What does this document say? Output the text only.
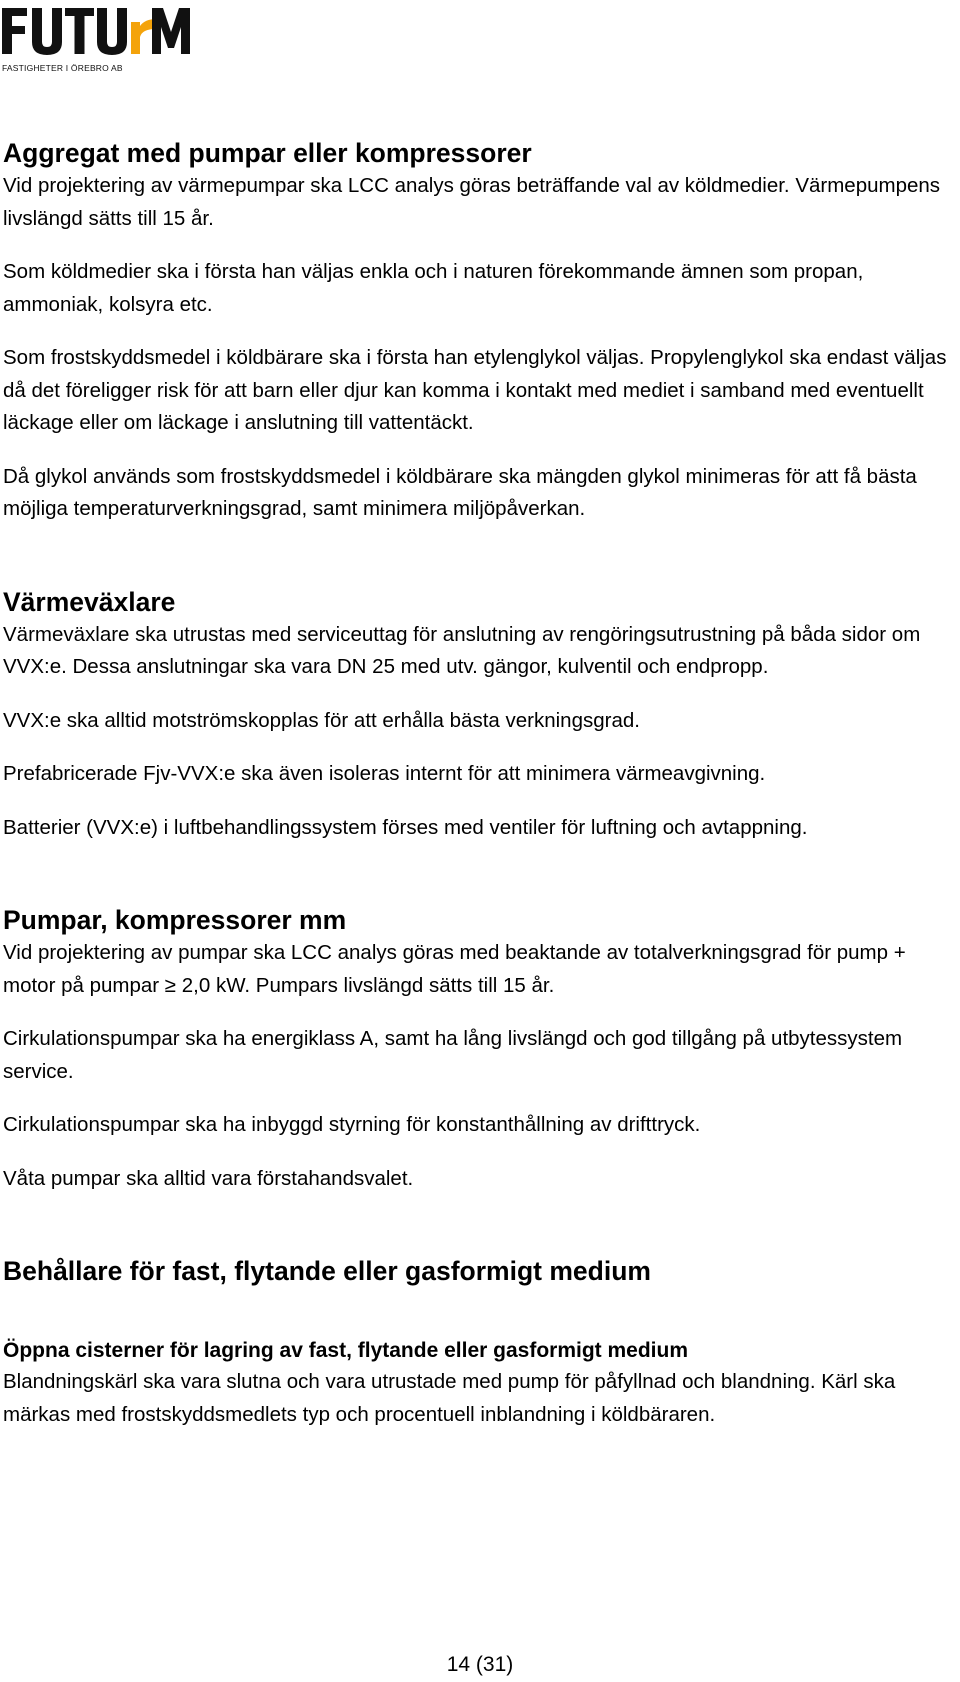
FASTIGHETER I ÖREBRO AB
Aggregat med pumpar eller kompressorer

Vid projektering av värmepumpar ska LCC analys göras beträffande val av köldmedier. Värmepumpens livslängd sätts till 15 år.

Som köldmedier ska i första han väljas enkla och i naturen förekommande ämnen som propan, ammoniak, kolsyra etc.

Som frostskyddsmedel i köldbärare ska i första han etylenglykol väljas. Propylenglykol ska endast väljas då det föreligger risk för att barn eller djur kan komma i kontakt med mediet i samband med eventuellt läckage eller om läckage i anslutning till vattentäckt.

Då glykol används som frostskyddsmedel i köldbärare ska mängden glykol minimeras för att få bästa möjliga temperaturverkningsgrad, samt minimera miljöpåverkan.

Värmeväxlare

Värmeväxlare ska utrustas med serviceuttag för anslutning av rengöringsutrustning på båda sidor om VVX:e. Dessa anslutningar ska vara DN 25 med utv. gängor, kulventil och endpropp.

VVX:e ska alltid motströmskopplas för att erhålla bästa verkningsgrad.

Prefabricerade Fjv-VVX:e ska även isoleras internt för att minimera värmeavgivning.

Batterier (VVX:e) i luftbehandlingssystem förses med ventiler för luftning och avtappning.

Pumpar, kompressorer mm

Vid projektering av pumpar ska LCC analys göras med beaktande av totalverkningsgrad för pump + motor på pumpar ≥ 2,0 kW. Pumpars livslängd sätts till 15 år.

Cirkulationspumpar ska ha energiklass A, samt ha lång livslängd och god tillgång på utbytessystem service.

Cirkulationspumpar ska ha inbyggd styrning för konstanthållning av drifttryck.

Våta pumpar ska alltid vara förstahandsvalet.

Behållare för fast, flytande eller gasformigt medium
Öppna cisterner för lagring av fast, flytande eller gasformigt medium

Blandningskärl ska vara slutna och vara utrustade med pump för påfyllnad och blandning. Kärl ska märkas med frostskyddsmedlets typ och procentuell inblandning i köldbäraren.

14 (31)
